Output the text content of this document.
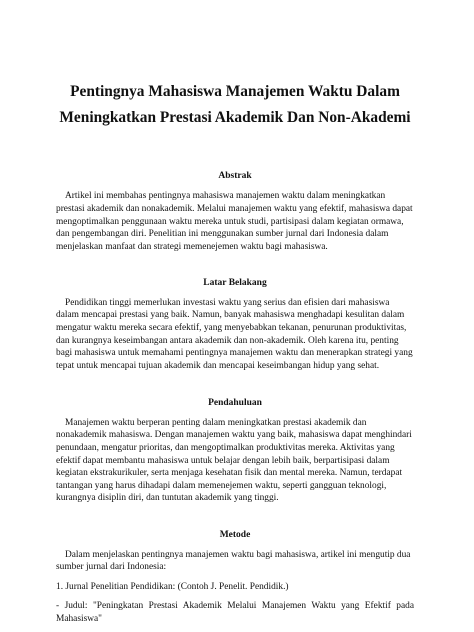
Pentingnya Mahasiswa Manajemen Waktu Dalam
Meningkatkan Prestasi Akademik Dan Non-Akademi
Abstrak

Artikel ini membahas pentingnya mahasiswa manajemen waktu dalam meningkatkan prestasi akademik dan nonakademik. Melalui manajemen waktu yang efektif, mahasiswa dapat mengoptimalkan penggunaan waktu mereka untuk studi, partisipasi dalam kegiatan ormawa, dan pengembangan diri. Penelitian ini menggunakan sumber jurnal dari Indonesia dalam menjelaskan manfaat dan strategi memenejemen waktu bagi mahasiswa.

Latar Belakang

Pendidikan tinggi memerlukan investasi waktu yang serius dan efisien dari mahasiswa dalam mencapai prestasi yang baik. Namun, banyak mahasiswa menghadapi kesulitan dalam mengatur waktu mereka secara efektif, yang menyebabkan tekanan, penurunan produktivitas, dan kurangnya keseimbangan antara akademik dan non-akademik. Oleh karena itu, penting bagi mahasiswa untuk memahami pentingnya manajemen waktu dan menerapkan strategi yang tepat untuk mencapai tujuan akademik dan mencapai keseimbangan hidup yang sehat.

Pendahuluan

Manajemen waktu berperan penting dalam meningkatkan prestasi akademik dan nonakademik mahasiswa. Dengan manajemen waktu yang baik, mahasiswa dapat menghindari penundaan, mengatur prioritas, dan mengoptimalkan produktivitas mereka. Aktivitas yang efektif dapat membantu mahasiswa untuk belajar dengan lebih baik, berpartisipasi dalam kegiatan ekstrakurikuler, serta menjaga kesehatan fisik dan mental mereka. Namun, terdapat tantangan yang harus dihadapi dalam memenejemen waktu, seperti gangguan teknologi, kurangnya disiplin diri, dan tuntutan akademik yang tinggi.

Metode

Dalam menjelaskan pentingnya manajemen waktu bagi mahasiswa, artikel ini mengutip dua sumber jurnal dari Indonesia:

1. Jurnal Penelitian Pendidikan: (Contoh J. Penelit. Pendidik.)

- Judul: "Peningkatan Prestasi Akademik Melalui Manajemen Waktu yang Efektif pada Mahasiswa"
